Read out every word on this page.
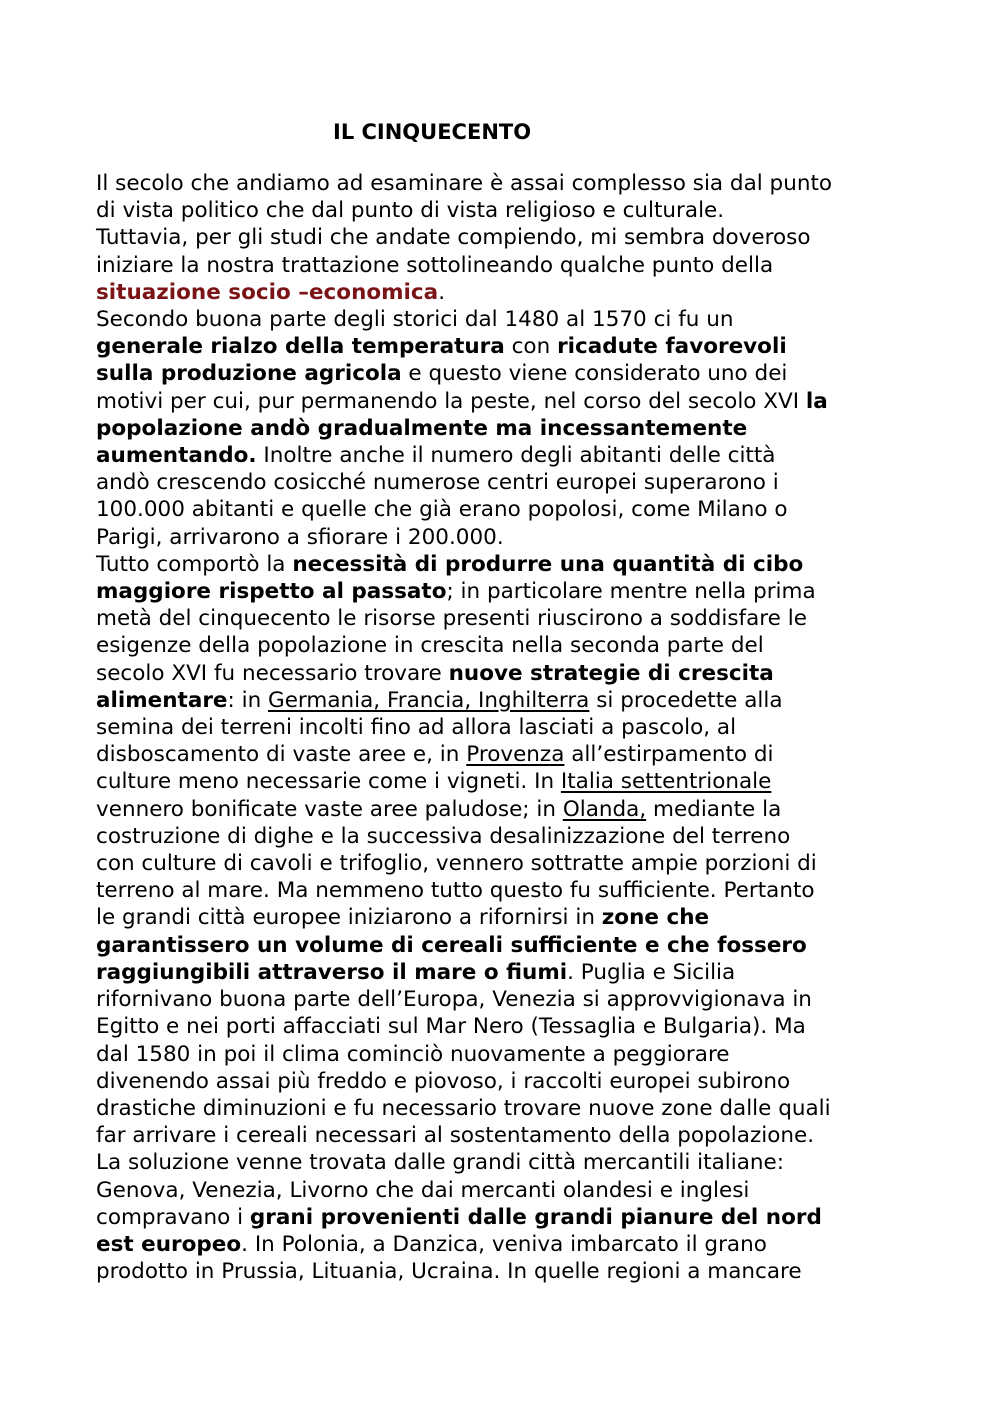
IL CINQUECENTO

Il secolo che andiamo ad esaminare è assai complesso sia dal punto
di vista politico che dal punto di vista religioso e culturale.
Tuttavia, per gli studi che andate compiendo, mi sembra doveroso
iniziare la nostra trattazione sottolineando qualche punto della
situazione socio –economica.

Secondo buona parte degli storici dal 1480 al 1570 ci fu un
generale rialzo della temperatura con ricadute favorevoli
sulla produzione agricola e questo viene considerato uno dei
motivi per cui, pur permanendo la peste, nel corso del secolo XVI la
popolazione andò gradualmente ma incessantemente
aumentando. Inoltre anche il numero degli abitanti delle città
andò crescendo cosicché numerose centri europei superarono i
100.000 abitanti e quelle che già erano popolosi, come Milano o
Parigi, arrivarono a sfiorare i 200.000.

Tutto comportò la necessità di produrre una quantità di cibo
maggiore rispetto al passato; in particolare mentre nella prima
metà del cinquecento le risorse presenti riuscirono a soddisfare le
esigenze della popolazione in crescita nella seconda parte del
secolo XVI fu necessario trovare nuove strategie di crescita
alimentare: in Germania, Francia, Inghilterra si procedette alla
semina dei terreni incolti fino ad allora lasciati a pascolo, al
disboscamento di vaste aree e, in Provenza all’estirpamento di
culture meno necessarie come i vigneti. In Italia settentrionale
vennero bonificate vaste aree paludose; in Olanda, mediante la
costruzione di dighe e la successiva desalinizzazione del terreno
con culture di cavoli e trifoglio, vennero sottratte ampie porzioni di
terreno al mare. Ma nemmeno tutto questo fu sufficiente. Pertanto
le grandi città europee iniziarono a rifornirsi in zone che
garantissero un volume di cereali sufficiente e che fossero
raggiungibili attraverso il mare o fiumi. Puglia e Sicilia
rifornivano buona parte dell’Europa, Venezia si approvvigionava in
Egitto e nei porti affacciati sul Mar Nero (Tessaglia e Bulgaria). Ma
dal 1580 in poi il clima cominciò nuovamente a peggiorare
divenendo assai più freddo e piovoso, i raccolti europei subirono
drastiche diminuzioni e fu necessario trovare nuove zone dalle quali
far arrivare i cereali necessari al sostentamento della popolazione.
La soluzione venne trovata dalle grandi città mercantili italiane:
Genova, Venezia, Livorno che dai mercanti olandesi e inglesi
compravano i grani provenienti dalle grandi pianure del nord
est europeo. In Polonia, a Danzica, veniva imbarcato il grano
prodotto in Prussia, Lituania, Ucraina. In quelle regioni a mancare
